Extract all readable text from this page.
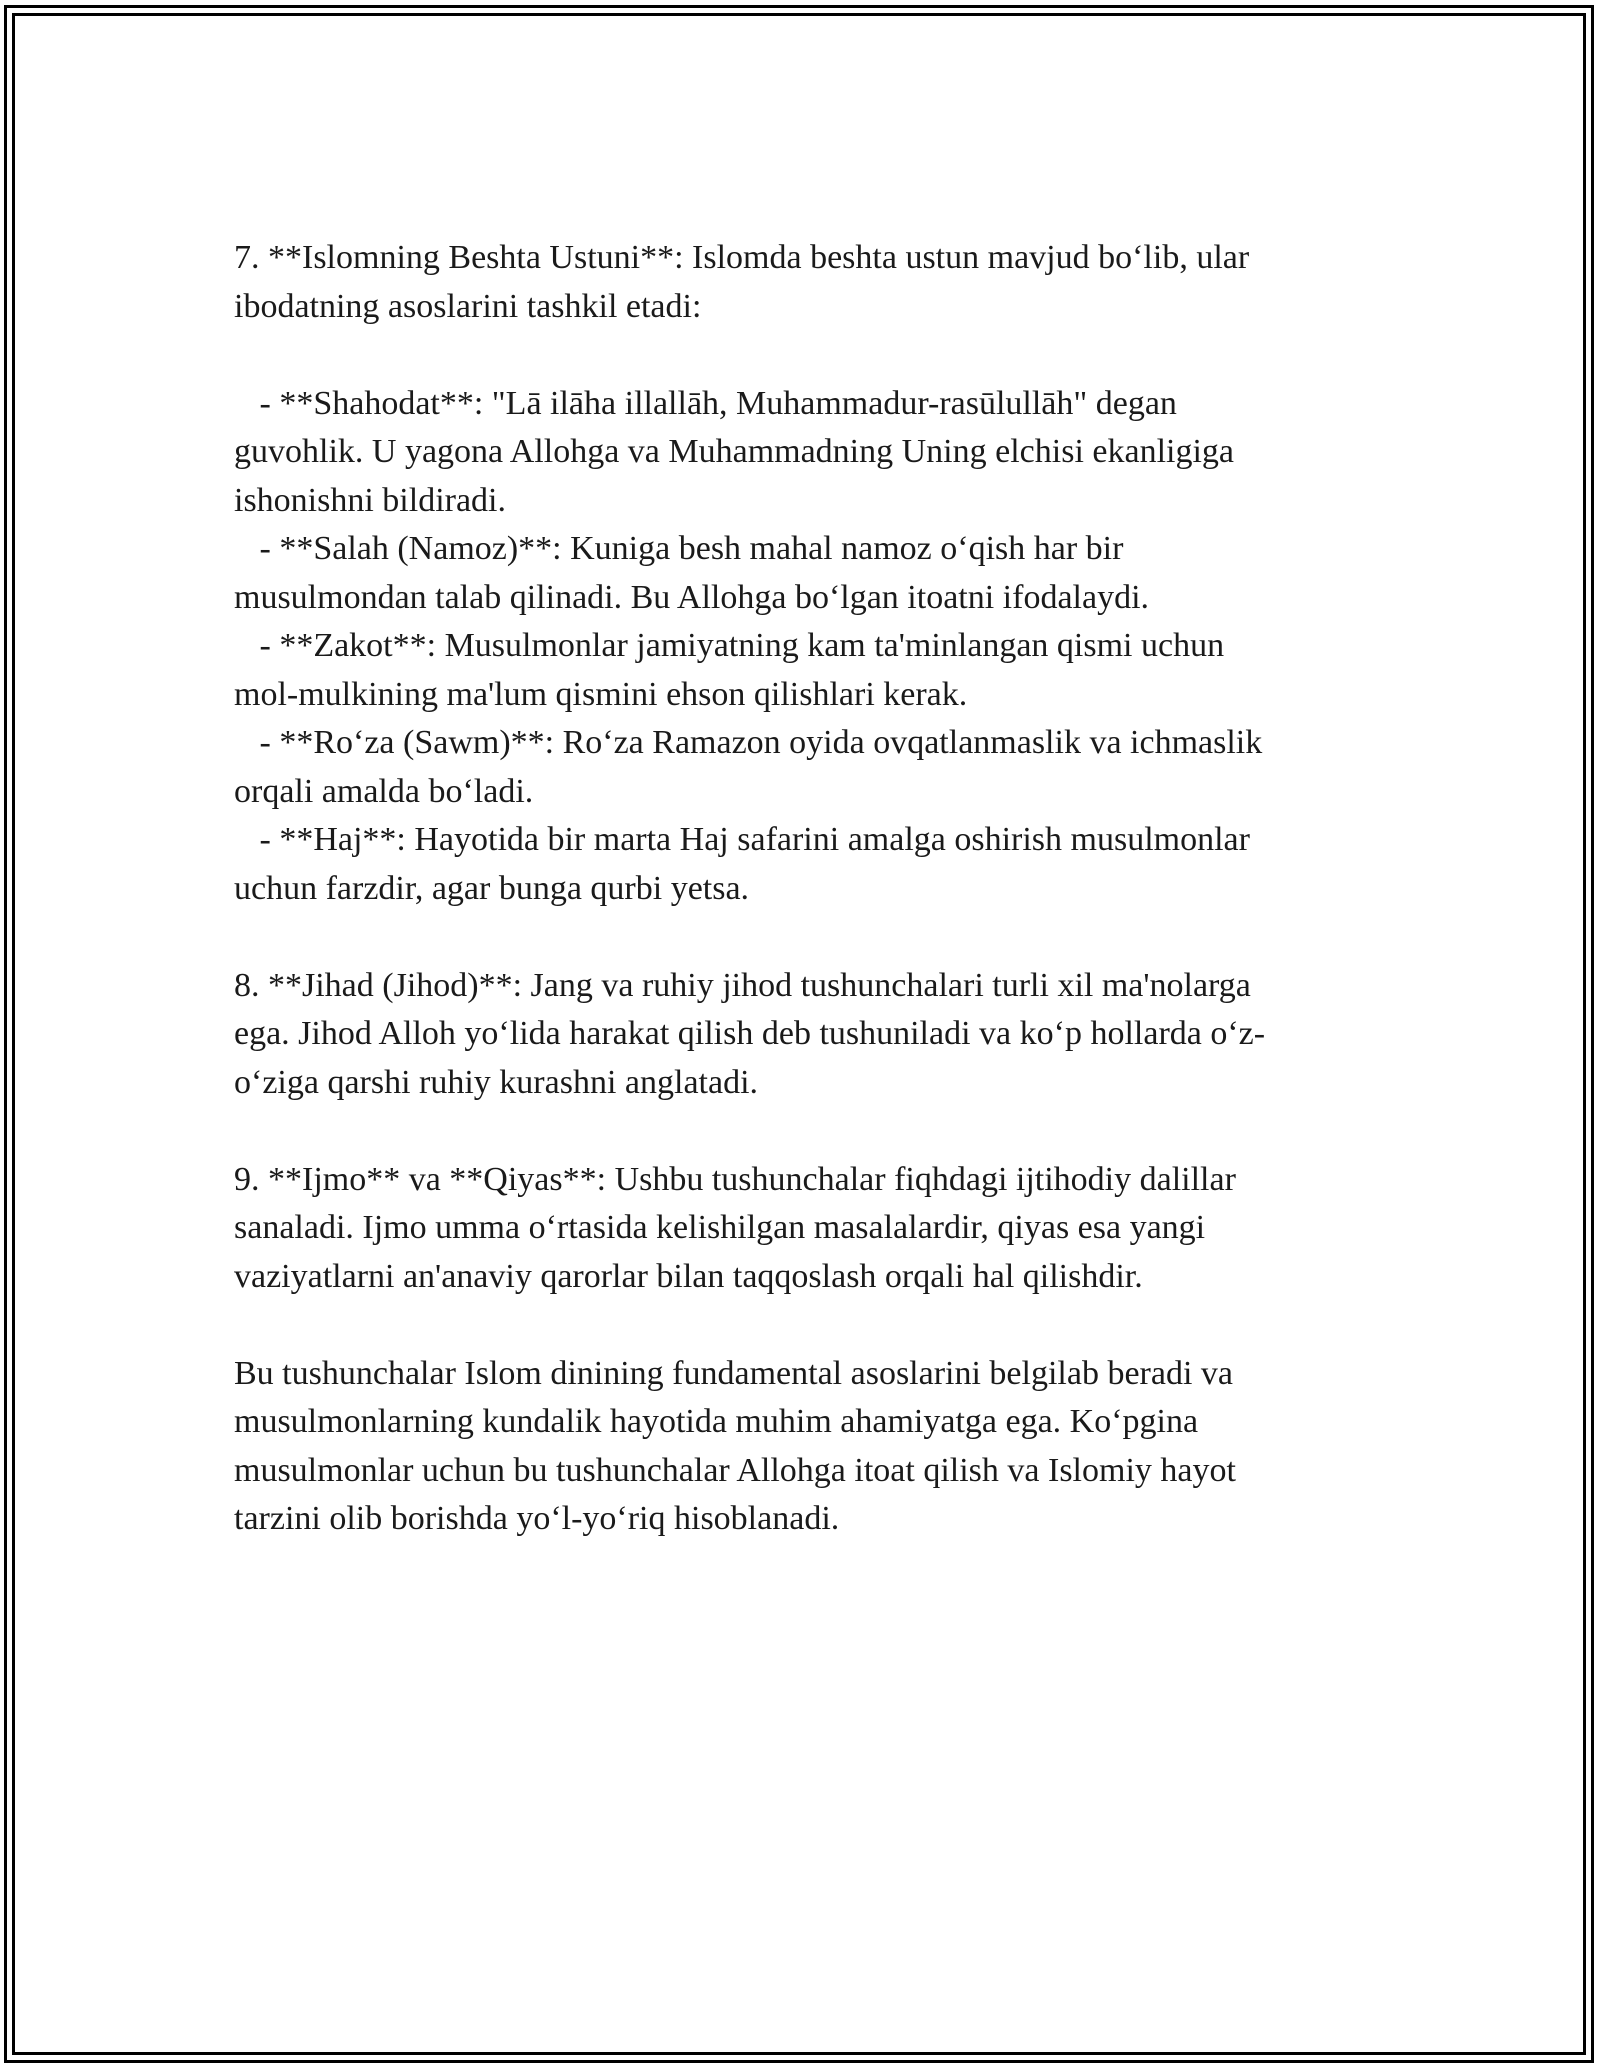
7. **Islomning Beshta Ustuni**: Islomda beshta ustun mavjud bo‘lib, ular
ibodatning asoslarini tashkil etadi:
- **Shahodat**: "Lā ilāha illallāh, Muhammadur-rasūlullāh" degan
guvohlik. U yagona Allohga va Muhammadning Uning elchisi ekanligiga
ishonishni bildiradi.
- **Salah (Namoz)**: Kuniga besh mahal namoz o‘qish har bir
musulmondan talab qilinadi. Bu Allohga bo‘lgan itoatni ifodalaydi.
- **Zakot**: Musulmonlar jamiyatning kam ta'minlangan qismi uchun
mol-mulkining ma'lum qismini ehson qilishlari kerak.
- **Ro‘za (Sawm)**: Ro‘za Ramazon oyida ovqatlanmaslik va ichmaslik
orqali amalda bo‘ladi.
- **Haj**: Hayotida bir marta Haj safarini amalga oshirish musulmonlar
uchun farzdir, agar bunga qurbi yetsa.
8. **Jihad (Jihod)**: Jang va ruhiy jihod tushunchalari turli xil ma'nolarga
ega. Jihod Alloh yo‘lida harakat qilish deb tushuniladi va ko‘p hollarda o‘z-
o‘ziga qarshi ruhiy kurashni anglatadi.
9. **Ijmo** va **Qiyas**: Ushbu tushunchalar fiqhdagi ijtihodiy dalillar
sanaladi. Ijmo umma o‘rtasida kelishilgan masalalardir, qiyas esa yangi
vaziyatlarni an'anaviy qarorlar bilan taqqoslash orqali hal qilishdir.
Bu tushunchalar Islom dinining fundamental asoslarini belgilab beradi va
musulmonlarning kundalik hayotida muhim ahamiyatga ega. Ko‘pgina
musulmonlar uchun bu tushunchalar Allohga itoat qilish va Islomiy hayot
tarzini olib borishda yo‘l-yo‘riq hisoblanadi.
